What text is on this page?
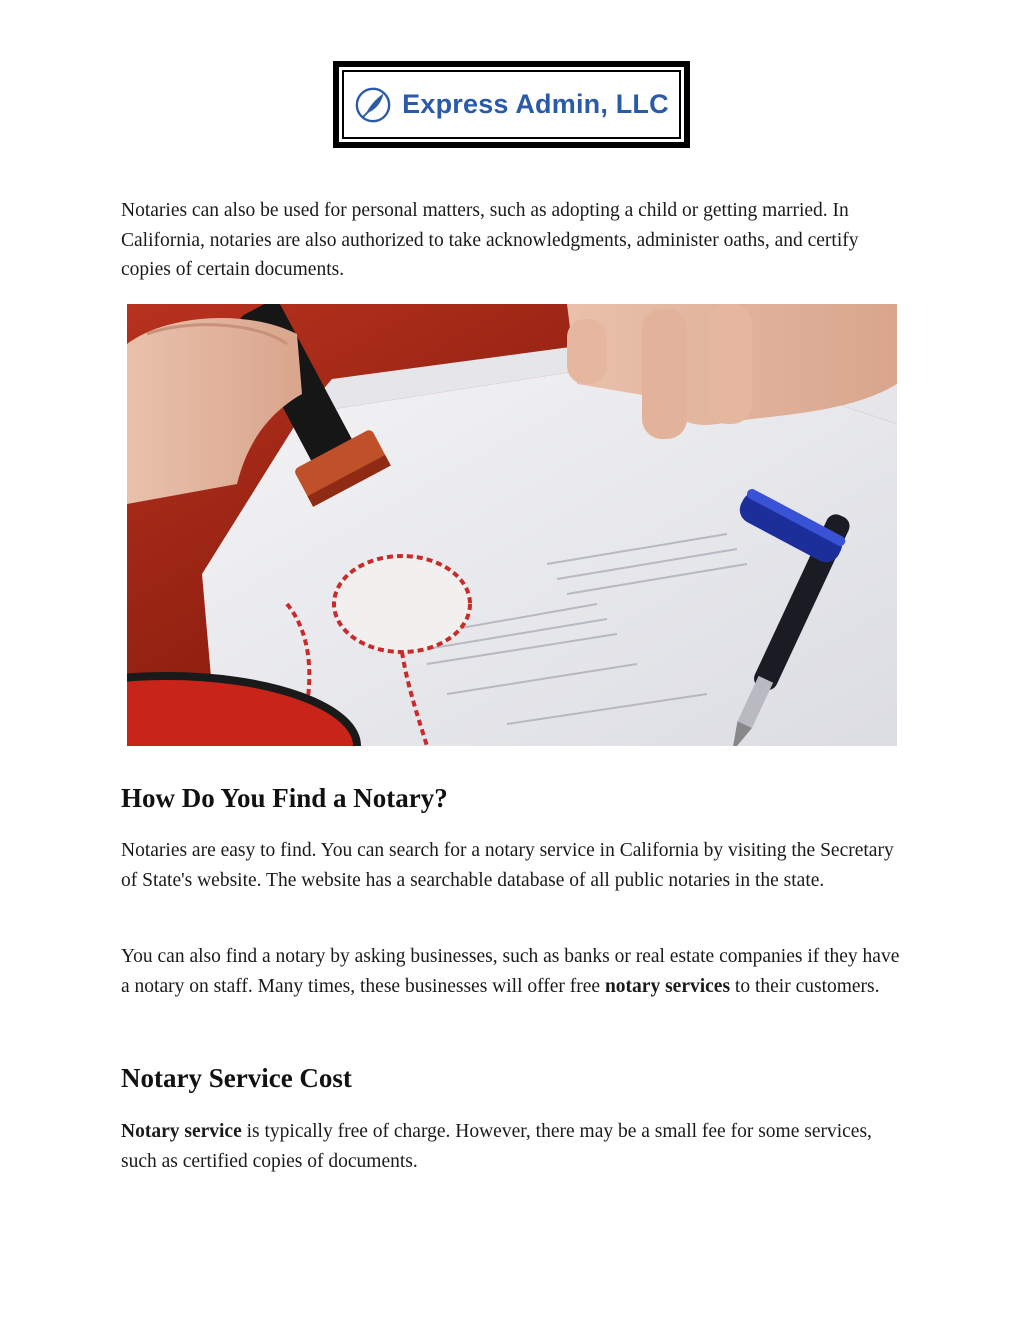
Express Admin, LLC

Notaries can also be used for personal matters, such as adopting a child or getting married. In California, notaries are also authorized to take acknowledgments, administer oaths, and certify copies of certain documents.

How Do You Find a Notary?

Notaries are easy to find. You can search for a notary service in California by visiting the Secretary of State's website. The website has a searchable database of all public notaries in the state.

You can also find a notary by asking businesses, such as banks or real estate companies if they have a notary on staff. Many times, these businesses will offer free notary services to their customers.

Notary Service Cost

Notary service is typically free of charge. However, there may be a small fee for some services, such as certified copies of documents.
